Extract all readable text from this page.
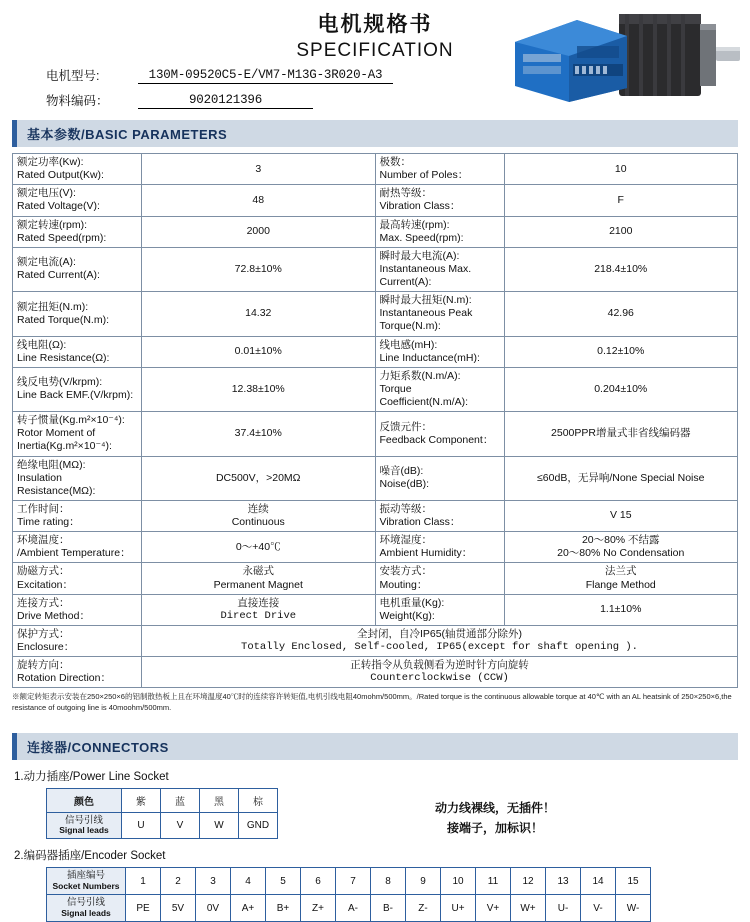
电机规格书
SPECIFICATION
电机型号:	130M-09520C5-E/VM7-M13G-3R020-A3
物料编码：	9020121396
基本参数/BASIC PARAMETERS
额定功率(Kw):
Rated Output(Kw):	3	极数：
Number of Poles：	10

额定电压(V):
Rated Voltage(V):	48	耐热等级：
Vibration Class：	F

额定转速(rpm):
Rated Speed(rpm):	2000	最高转速(rpm):
Max. Speed(rpm):	2100

额定电流(A):
Rated Current(A):	72.8±10%	瞬时最大电流(A):
Instantaneous Max. Current(A):	218.4±10%

额定扭矩(N.m):
Rated Torque(N.m):	14.32	瞬时最大扭矩(N.m):
Instantaneous Peak Torque(N.m):	42.96

线电阻(Ω):
Line Resistance(Ω):	0.01±10%	线电感(mH):
Line Inductance(mH):	0.12±10%

线反电势(V/krpm):
Line Back EMF.(V/krpm):	12.38±10%	力矩系数(N.m/A):
Torque Coefficient(N.m/A):	0.204±10%

转子惯量(Kg.m²×10⁻⁴):
Rotor Moment of Inertia(Kg.m²×10⁻⁴):	37.4±10%	反馈元件：
Feedback Component：	2500PPR增量式非省线编码器

绝缘电阻(MΩ):
Insulation Resistance(MΩ):	DC500V，>20MΩ	噪音(dB):
Noise(dB):	≤60dB，无异响/None Special Noise

工作时间：
Time rating：	连续
Continuous	振动等级：
Vibration Class：	V 15

环境温度：
/Ambient Temperature：	0～+40℃	环境湿度：
Ambient Humidity：	20～80% 不结露
20～80% No Condensation

励磁方式：
Excitation：	永磁式
Permanent Magnet	安装方式：
Mouting：	法兰式
Flange Method

连接方式：
Drive Method：	直接连接
Direct Drive	电机重量(Kg):
Weight(Kg):	1.1±10%

保护方式：
Enclosure：	全封闭，自冷IP65(轴贯通部分除外)
Totally Enclosed, Self-cooled, IP65(except for shaft opening ).		

旋转方向：
Rotation Direction：	正转指令从负载侧看为逆时针方向旋转
Counterclockwise (CCW)		
※额定转矩表示安装在250×250×6的铝制散热板上且在环境温度40℃时的连续容许转矩值,电机引线电阻40mohm/500mm。/Rated torque is the continuous allowable torque at 40℃ with an AL heatsink of 250×250×6,the resistance of outgoing line is 40moohm/500mm.
连接器/CONNECTORS
1.动力插座/Power Line Socket
颜色	紫	蓝	黑	棕

信号引线
Signal leads	U	V	W	GND
动力线裸线，无插件！
接端子，加标识！
2.编码器插座/Encoder Socket
插座编号
Socket Numbers	1	2	3	4	5	6	7	8	9	10	11	12	13	14	15

信号引线
Signal leads	PE	5V	0V	A+	B+	Z+	A-	B-	Z-	U+	V+	W+	U-	V-	W-
